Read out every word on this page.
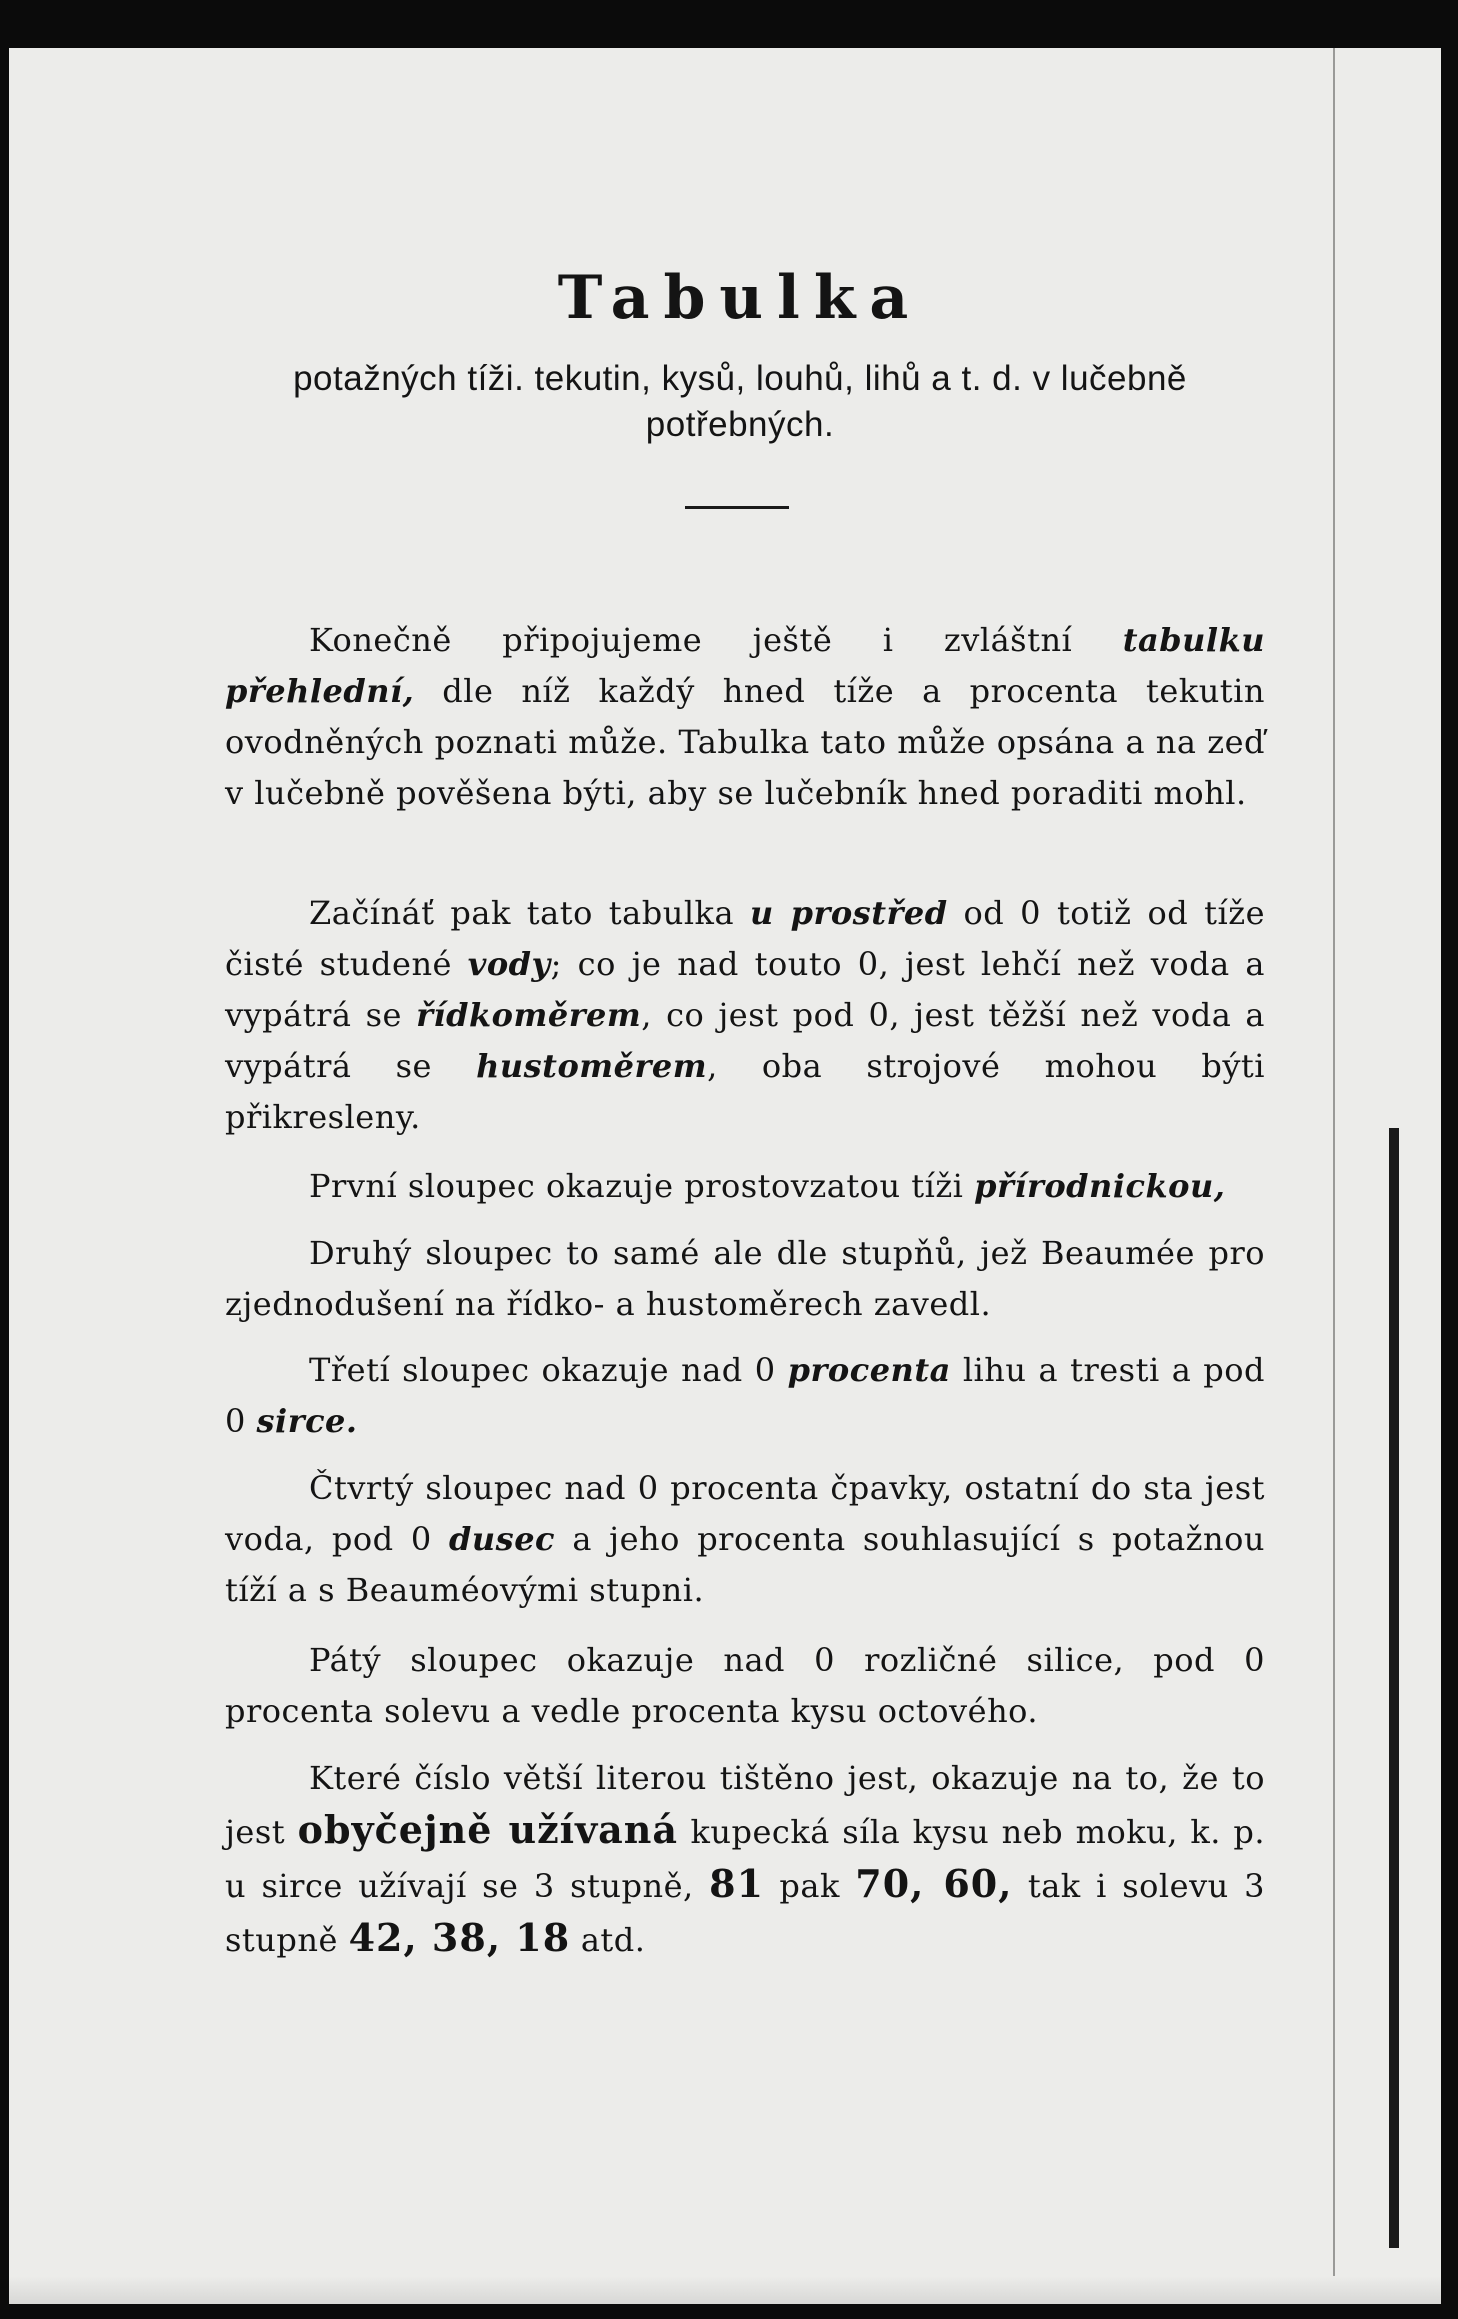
Tabulka

potažných tíži. tekutin, kysů, louhů, lihů a t. d. v lučebně potřebných.

Konečně připojujeme ještě i zvláštní tabulku přehlední, dle níž každý hned tíže a procenta tekutin ovodněných poznati může. Tabulka tato může opsána a na zeď v lučebně pověšena býti, aby se lučebník hned poraditi mohl.

Začínáť pak tato tabulka u prostřed od 0 totiž od tíže čisté studené vody; co je nad touto 0, jest lehčí než voda a vypátrá se řídkoměrem, co jest pod 0, jest těžší než voda a vypátrá se hustoměrem, oba strojové mohou býti přikresleny.

První sloupec okazuje prostovzatou tíži přírodnickou,

Druhý sloupec to samé ale dle stupňů, jež Beaumée pro zjednodušení na řídko- a hustoměrech zavedl.

Třetí sloupec okazuje nad 0 procenta lihu a tresti a pod 0 sirce.

Čtvrtý sloupec nad 0 procenta čpavky, ostatní do sta jest voda, pod 0 dusec a jeho procenta souhlasující s potažnou tíží a s Beauméovými stupni.

Pátý sloupec okazuje nad 0 rozličné silice, pod 0 procenta solevu a vedle procenta kysu octového.

Které číslo větší literou tištěno jest, okazuje na to, že to jest obyčejně užívaná kupecká síla kysu neb moku, k. p. u sirce užívají se 3 stupně, 81 pak 70, 60, tak i solevu 3 stupně 42, 38, 18 atd.
